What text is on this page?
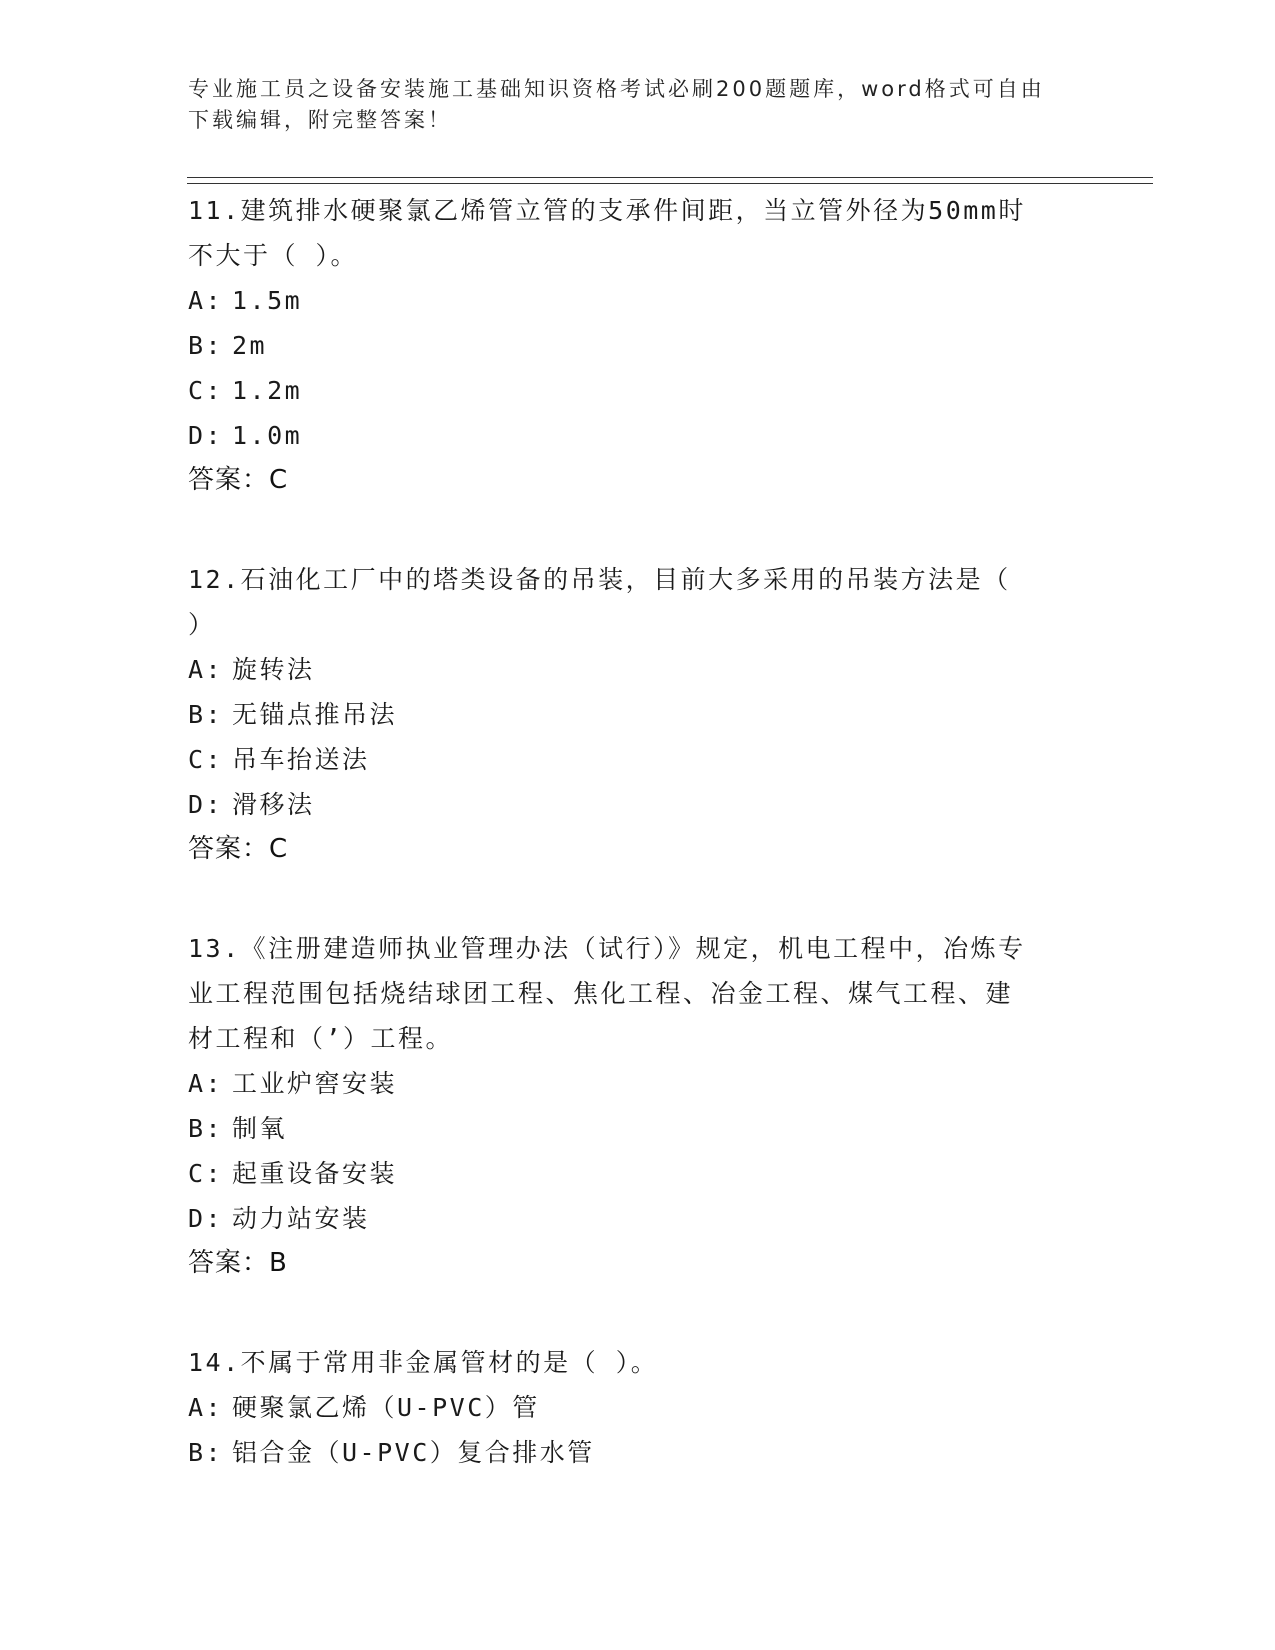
专业施工员之设备安装施工基础知识资格考试必刷200题题库，word格式可自由
下载编辑，附完整答案！
11.建筑排水硬聚氯乙烯管立管的支承件间距，当立管外径为50mm时
不大于（ ）。
A: 1.5m
B: 2m
C: 1.2m
D: 1.0m
答案：C
12.石油化工厂中的塔类设备的吊装，目前大多采用的吊装方法是（
）
A: 旋转法
B: 无锚点推吊法
C: 吊车抬送法
D: 滑移法
答案：C
13.《注册建造师执业管理办法（试行）》规定，机电工程中，冶炼专
业工程范围包括烧结球团工程、焦化工程、冶金工程、煤气工程、建
材工程和（’）工程。
A: 工业炉窖安装
B: 制氧
C: 起重设备安装
D: 动力站安装
答案：B
14.不属于常用非金属管材的是（ ）。
A: 硬聚氯乙烯（U-PVC）管
B: 铝合金（U-PVC）复合排水管
